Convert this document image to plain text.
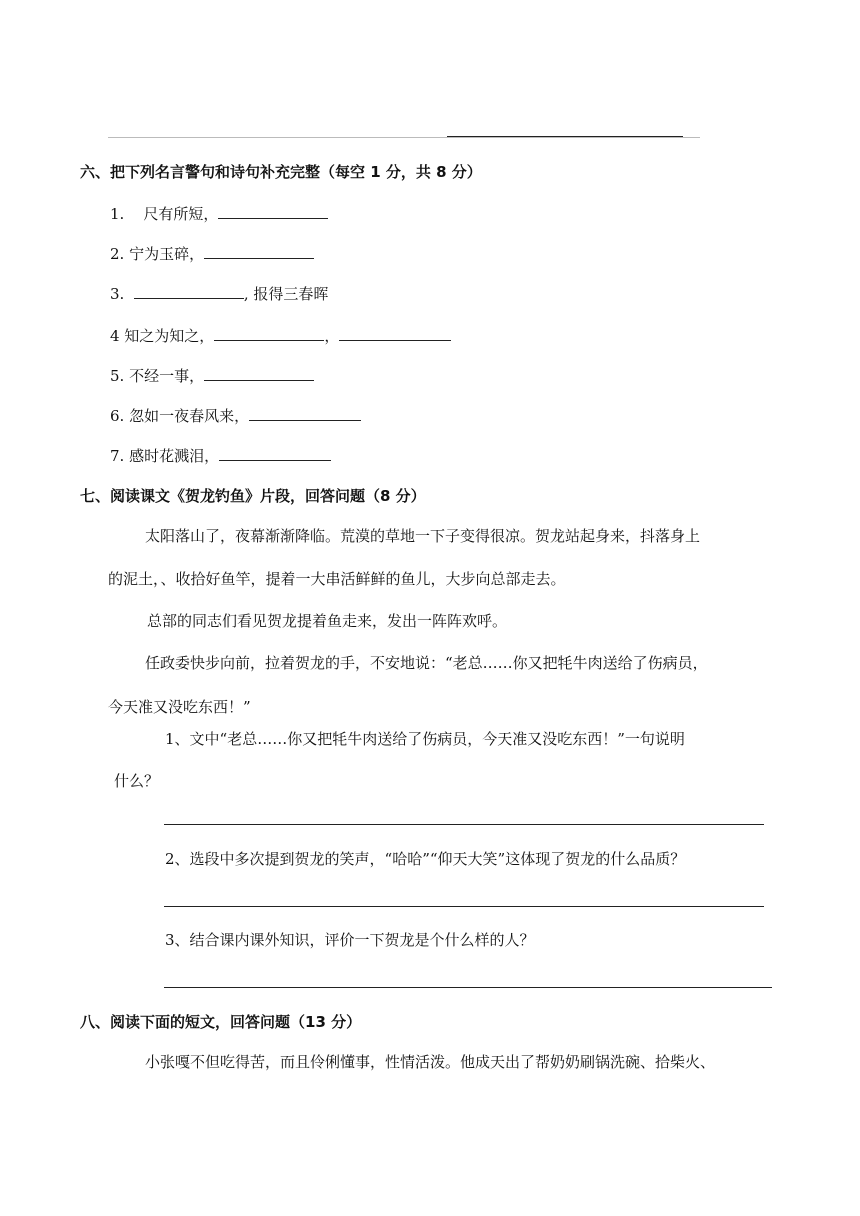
六、把下列名言警句和诗句补充完整（每空 1 分，共 8 分）
1.    尺有所短，
2. 宁为玉碎，
3.	, 报得三春晖
4 知之为知之，	，
5. 不经一事，
6. 忽如一夜春风来，
7. 感时花溅泪，
七、阅读课文《贺龙钓鱼》片段，回答问题（8 分）
太阳落山了，夜幕渐渐降临。荒漠的草地一下子变得很凉。贺龙站起身来，抖落身上
的泥土，、收拾好鱼竿，提着一大串活鲜鲜的鱼儿，大步向总部走去。
总部的同志们看见贺龙提着鱼走来，发出一阵阵欢呼。
任政委快步向前，拉着贺龙的手，不安地说：“老总……你又把牦牛肉送给了伤病员，
今天准又没吃东西！”
1、文中“老总……你又把牦牛肉送给了伤病员，今天准又没吃东西！”一句说明
什么？
2、选段中多次提到贺龙的笑声，“哈哈”“仰天大笑”这体现了贺龙的什么品质？
3、结合课内课外知识，评价一下贺龙是个什么样的人？
八、阅读下面的短文，回答问题（13 分）
小张嘎不但吃得苦，而且伶俐懂事，性情活泼。他成天出了帮奶奶刷锅洗碗、拾柴火、
